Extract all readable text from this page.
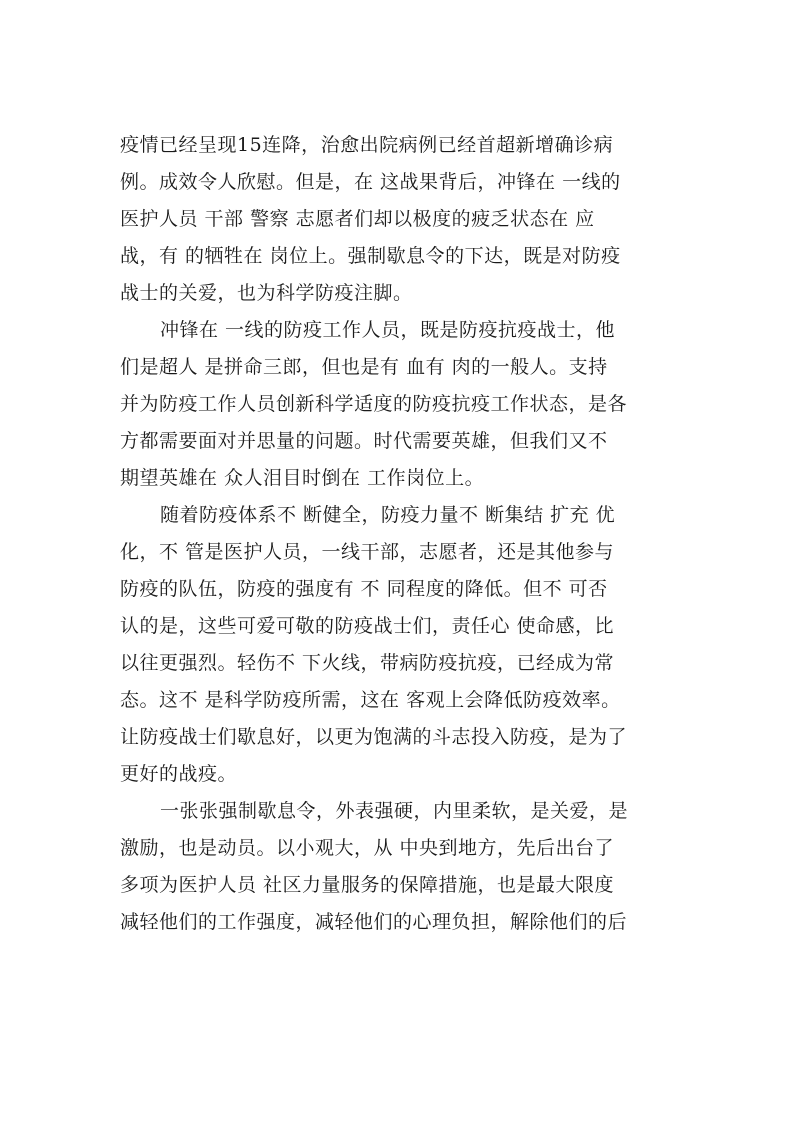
疫情已经呈现15连降，治愈出院病例已经首超新增确诊病
例。成效令人欣慰。但是，在 这战果背后，冲锋在 一线的
医护人员 干部 警察 志愿者们却以极度的疲乏状态在 应
战，有 的牺牲在 岗位上。强制歇息令的下达，既是对防疫
战士的关爱，也为科学防疫注脚。
冲锋在 一线的防疫工作人员，既是防疫抗疫战士，他
们是超人 是拼命三郎，但也是有 血有 肉的一般人。支持
并为防疫工作人员创新科学适度的防疫抗疫工作状态，是各
方都需要面对并思量的问题。时代需要英雄，但我们又不
期望英雄在 众人泪目时倒在 工作岗位上。
随着防疫体系不 断健全，防疫力量不 断集结 扩充 优
化，不 管是医护人员，一线干部，志愿者，还是其他参与
防疫的队伍，防疫的强度有 不 同程度的降低。但不 可否
认的是，这些可爱可敬的防疫战士们，责任心 使命感，比
以往更强烈。轻伤不 下火线，带病防疫抗疫，已经成为常
态。这不 是科学防疫所需，这在 客观上会降低防疫效率。
让防疫战士们歇息好，以更为饱满的斗志投入防疫，是为了
更好的战疫。
一张张强制歇息令，外表强硬，内里柔软，是关爱，是
激励，也是动员。以小观大，从 中央到地方，先后出台了
多项为医护人员 社区力量服务的保障措施，也是最大限度
减轻他们的工作强度，减轻他们的心理负担，解除他们的后
